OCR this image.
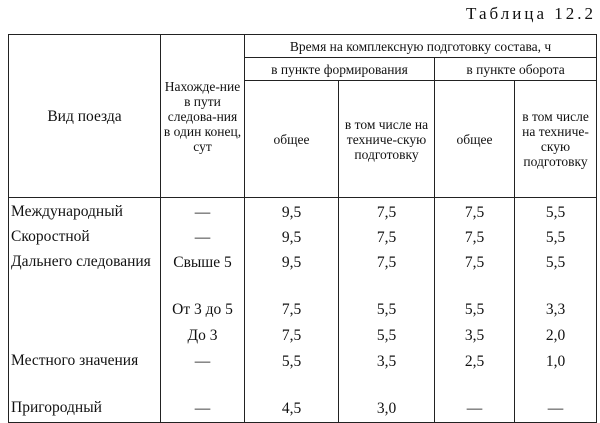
Таблица 12.2
Вид поезда	Нахожде-ние в пути следова-ния в один конец, сут	Время на комплексную подготовку состава, ч			
		в пункте формирования		в пункте оборота	
		общее	в том числе на техниче-скую подготовку	общее	в том числе на техниче-скую подготовку
Международный	—	9,5	7,5	7,5	5,5
Скоростной	—	9,5	7,5	7,5	5,5
Дальнего следования	Свыше 5	9,5	7,5	7,5	5,5
	От 3 до 5	7,5	5,5	5,5	3,3
	До 3	7,5	5,5	3,5	2,0
Местного значения	—	5,5	3,5	2,5	1,0
Пригородный	—	4,5	3,0	—	—
